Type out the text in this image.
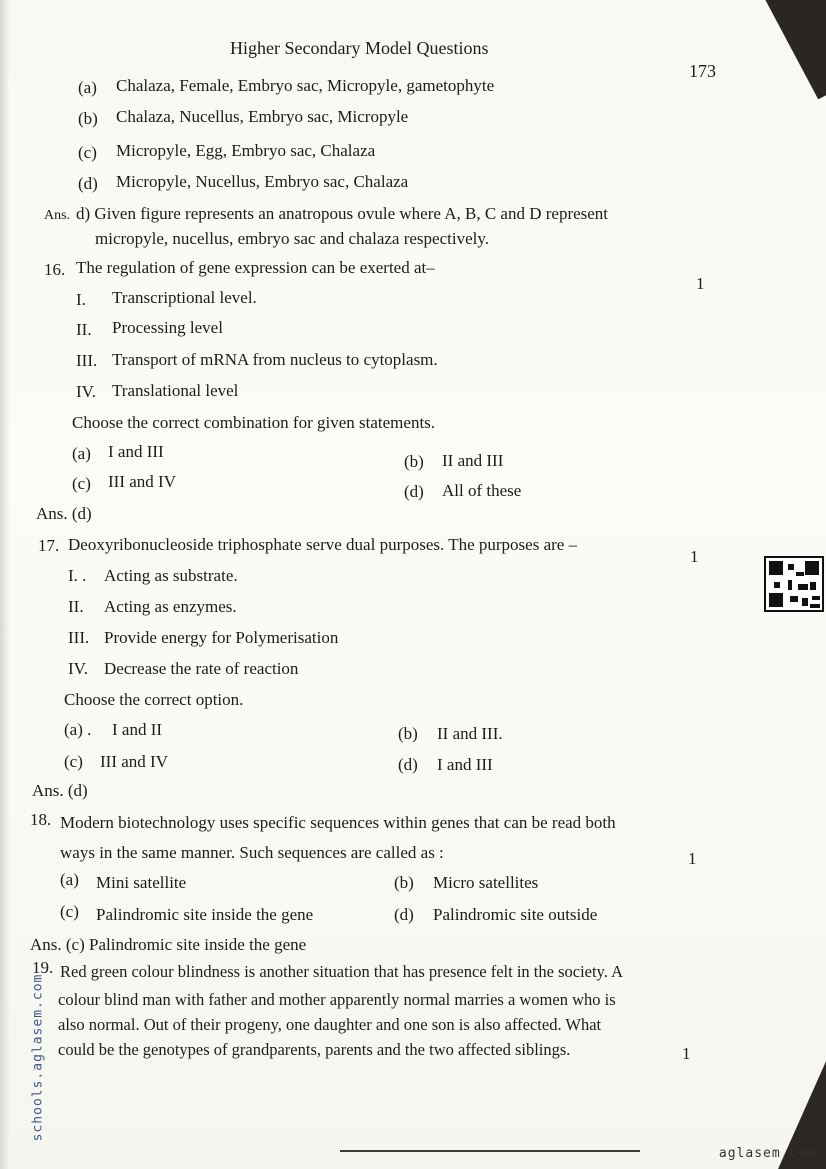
Higher Secondary Model Questions
173
(a) Chalaza, Female, Embryo sac, Micropyle, gametophyte
(b) Chalaza, Nucellus, Embryo sac, Micropyle
(c) Micropyle, Egg, Embryo sac, Chalaza
(d) Micropyle, Nucellus, Embryo sac, Chalaza
Ans. d) Given figure represents an anatropous ovule where A, B, C and D represent
micropyle, nucellus, embryo sac and chalaza respectively.
16. The regulation of gene expression can be exerted at–
1
I. Transcriptional level.
II. Processing level
III. Transport of mRNA from nucleus to cytoplasm.
IV. Translational level
Choose the correct combination for given statements.
(a) I and III
(b) II and III
(c) III and IV
(d) All of these
Ans. (d)
17. Deoxyribonucleoside triphosphate serve dual purposes. The purposes are –
1
I. . Acting as substrate.
II. Acting as enzymes.
III. Provide energy for Polymerisation
IV. Decrease the rate of reaction
Choose the correct option.
(a) . I and II	(b) II and III.
(c) III and IV	(d) I and III
Ans. (d)
18. Modern biotechnology uses specific sequences within genes that can be read both
ways in the same manner. Such sequences are called as :	1
(a) Mini satellite	(b) Micro satellites
(c) Palindromic site inside the gene	(d) Palindromic site outside
Ans. (c) Palindromic site inside the gene
19. Red green colour blindness is another situation that has presence felt in the society. A
colour blind man with father and mother apparently normal marries a women who is
also normal. Out of their progeny, one daughter and one son is also affected. What
could be the genotypes of grandparents, parents and the two affected siblings.	1
schools.aglasem.com
aglasem.com
